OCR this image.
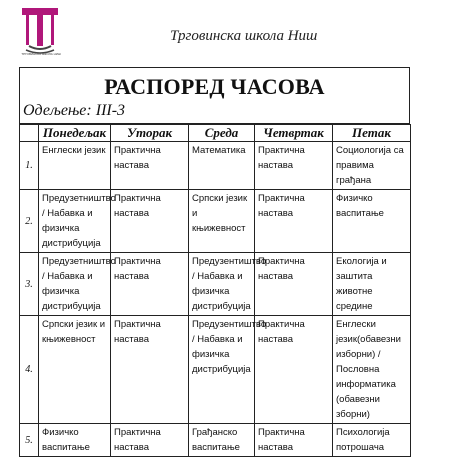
ТРГОВИНСКА ШКОЛА НИШ
Трговинска школа Ниш
РАСПОРЕД ЧАСОВА
Одељење: III-3
	Понедељак	Уторак	Среда	Четвртак	Петак
1.	Енглески језик	Практична настава	Математика	Практична настава	Социологија са правима грађана
2.	Предузетништво / Набавка и физичка дистрибуција	Практична настава	Српски језик и књижевност	Практична настава	Физичко васпитање
3.	Предузетништво / Набавка и физичка дистрибуција	Практична настава	Предузентиштво / Набавка и физичка дистрибуција	Практична настава	Екологија и заштита животне средине
4.	Српски језик и књижевност	Практична настава	Предузентиштво / Набавка и физичка дистрибуција	Практична настава	Енглески језик(обавезни изборни) /Пословна информатика (обавезни зборни)
5.	Физичко васпитање	Практична настава	Грађанско васпитање	Практична настава	Психологија потрошача
